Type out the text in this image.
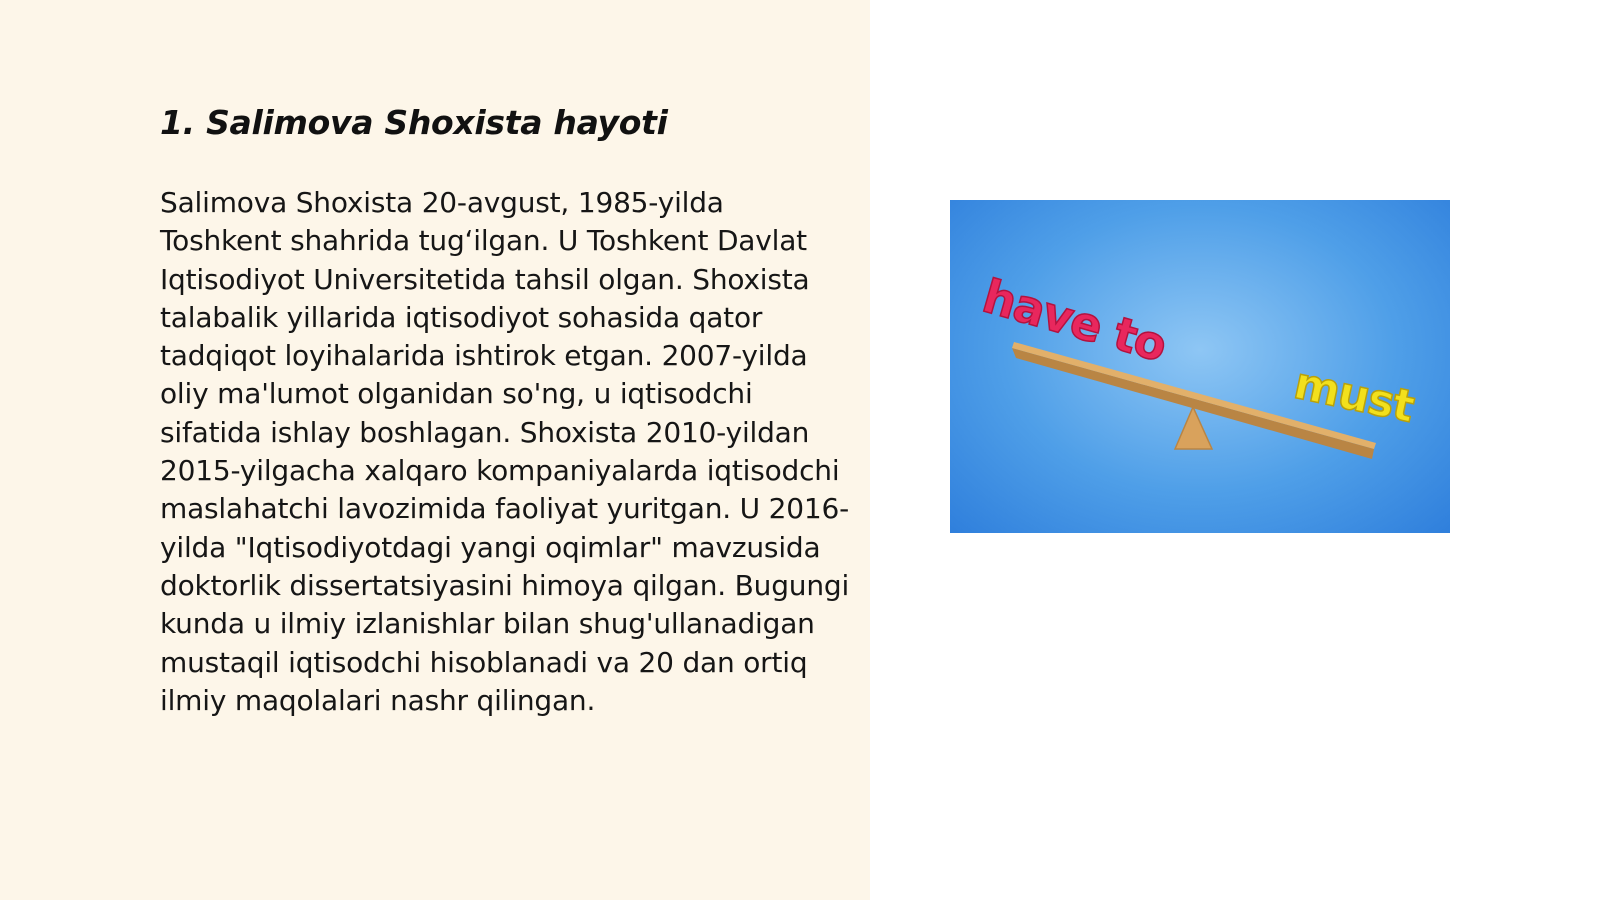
1. Salimova Shoxista hayoti

Salimova Shoxista 20-avgust, 1985-yilda Toshkent shahrida tug‘ilgan. U Toshkent Davlat Iqtisodiyot Universitetida tahsil olgan. Shoxista talabalik yillarida iqtisodiyot sohasida qator tadqiqot loyihalarida ishtirok etgan. 2007-yilda oliy ma'lumot olganidan so'ng, u iqtisodchi sifatida ishlay boshlagan. Shoxista 2010-yildan 2015-yilgacha xalqaro kompaniyalarda iqtisodchi maslahatchi lavozimida faoliyat yuritgan. U 2016-yilda "Iqtisodiyotdagi yangi oqimlar" mavzusida doktorlik dissertatsiyasini himoya qilgan. Bugungi kunda u ilmiy izlanishlar bilan shug'ullanadigan mustaqil iqtisodchi hisoblanadi va 20 dan ortiq ilmiy maqolalari nashr qilingan.

have to
must
